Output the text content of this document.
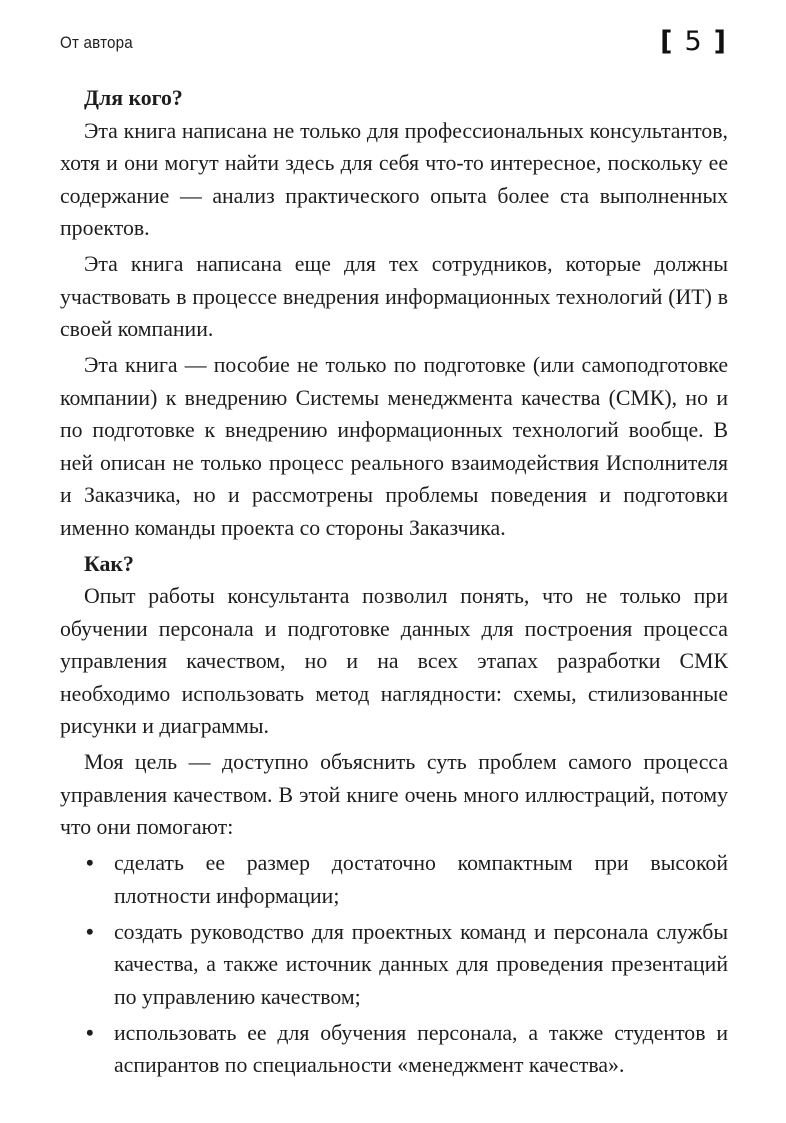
От автора	[ 5 ]
Для кого?

Эта книга написана не только для профессиональных консультантов, хотя и они могут найти здесь для себя что-то интересное, поскольку ее содержание — анализ практического опыта более ста выполненных проектов.

Эта книга написана еще для тех сотрудников, которые должны участвовать в процессе внедрения информационных технологий (ИТ) в своей компании.

Эта книга — пособие не только по подготовке (или самоподготовке компании) к внедрению Системы менеджмента качества (СМК), но и по подготовке к внедрению информационных технологий вообще. В ней описан не только процесс реального взаимодействия Исполнителя и Заказчика, но и рассмотрены проблемы поведения и подготовки именно команды проекта со стороны Заказчика.

Как?

Опыт работы консультанта позволил понять, что не только при обучении персонала и подготовке данных для построения процесса управления качеством, но и на всех этапах разработки СМК необходимо использовать метод наглядности: схемы, стилизованные рисунки и диаграммы.

Моя цель — доступно объяснить суть проблем самого процесса управления качеством. В этой книге очень много иллюстраций, потому что они помогают:

• сделать ее размер достаточно компактным при высокой плотности информации;
• создать руководство для проектных команд и персонала службы качества, а также источник данных для проведения презентаций по управлению качеством;
• использовать ее для обучения персонала, а также студентов и аспирантов по специальности «менеджмент качества».
